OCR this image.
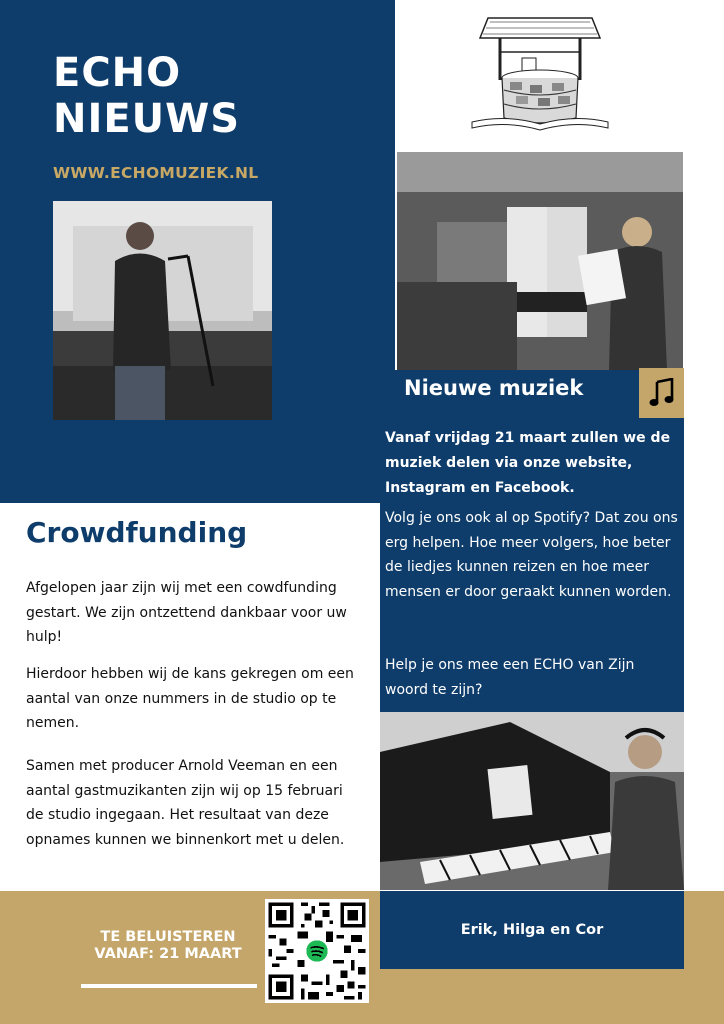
ECHO
NIEUWS
WWW.ECHOMUZIEK.NL
Nieuwe muziek
Vanaf vrijdag 21 maart zullen we de muziek delen via onze website, Instagram en Facebook.
Volg je ons ook al op Spotify? Dat zou ons erg helpen. Hoe meer volgers, hoe beter de liedjes kunnen reizen en hoe meer mensen er door geraakt kunnen worden.
Help je ons mee een ECHO van Zijn woord te zijn?
Crowdfunding
Afgelopen jaar zijn wij met een cowdfunding gestart. We zijn ontzettend dankbaar voor uw hulp!
Hierdoor hebben wij de kans gekregen om een aantal van onze nummers in de studio op te nemen.
Samen met producer Arnold Veeman en een aantal gastmuzikanten zijn wij op 15 februari de studio ingegaan. Het resultaat van deze opnames kunnen we binnenkort met u delen.
TE BELUISTEREN
VANAF: 21 MAART
Erik, Hilga en Cor
